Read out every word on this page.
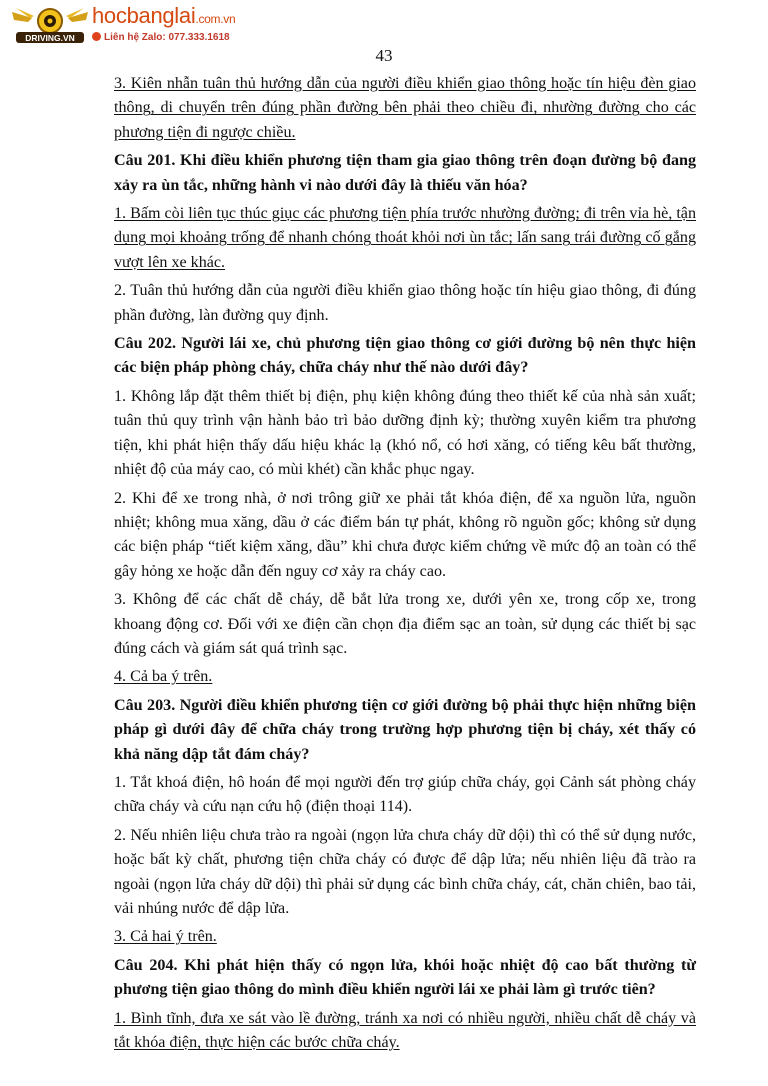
DRIVING.VN
hocbanglai.com.vn
Liên hệ Zalo: 077.333.1618
43

3. Kiên nhẫn tuân thủ hướng dẫn của người điều khiển giao thông hoặc tín hiệu đèn giao thông, di chuyển trên đúng phần đường bên phải theo chiều đi, nhường đường cho các phương tiện đi ngược chiều.

Câu 201. Khi điều khiển phương tiện tham gia giao thông trên đoạn đường bộ đang xảy ra ùn tắc, những hành vi nào dưới đây là thiếu văn hóa?

1. Bấm còi liên tục thúc giục các phương tiện phía trước nhường đường; đi trên vỉa hè, tận dụng mọi khoảng trống để nhanh chóng thoát khỏi nơi ùn tắc; lấn sang trái đường cố gắng vượt lên xe khác.

2. Tuân thủ hướng dẫn của người điều khiển giao thông hoặc tín hiệu giao thông, đi đúng phần đường, làn đường quy định.

Câu 202. Người lái xe, chủ phương tiện giao thông cơ giới đường bộ nên thực hiện các biện pháp phòng cháy, chữa cháy như thế nào dưới đây?

1. Không lắp đặt thêm thiết bị điện, phụ kiện không đúng theo thiết kế của nhà sản xuất; tuân thủ quy trình vận hành bảo trì bảo dưỡng định kỳ; thường xuyên kiểm tra phương tiện, khi phát hiện thấy dấu hiệu khác lạ (khó nổ, có hơi xăng, có tiếng kêu bất thường, nhiệt độ của máy cao, có mùi khét) cần khắc phục ngay.

2. Khi để xe trong nhà, ở nơi trông giữ xe phải tắt khóa điện, để xa nguồn lửa, nguồn nhiệt; không mua xăng, dầu ở các điểm bán tự phát, không rõ nguồn gốc; không sử dụng các biện pháp “tiết kiệm xăng, dầu” khi chưa được kiểm chứng về mức độ an toàn có thể gây hỏng xe hoặc dẫn đến nguy cơ xảy ra cháy cao.

3. Không để các chất dễ cháy, dễ bắt lửa trong xe, dưới yên xe, trong cốp xe, trong khoang động cơ. Đối với xe điện cần chọn địa điểm sạc an toàn, sử dụng các thiết bị sạc đúng cách và giám sát quá trình sạc.

4. Cả ba ý trên.

Câu 203. Người điều khiển phương tiện cơ giới đường bộ phải thực hiện những biện pháp gì dưới đây để chữa cháy trong trường hợp phương tiện bị cháy, xét thấy có khả năng dập tắt đám cháy?

1. Tắt khoá điện, hô hoán để mọi người đến trợ giúp chữa cháy, gọi Cảnh sát phòng cháy chữa cháy và cứu nạn cứu hộ (điện thoại 114).

2. Nếu nhiên liệu chưa trào ra ngoài (ngọn lửa chưa cháy dữ dội) thì có thể sử dụng nước, hoặc bất kỳ chất, phương tiện chữa cháy có được để dập lửa; nếu nhiên liệu đã trào ra ngoài (ngọn lửa cháy dữ dội) thì phải sử dụng các bình chữa cháy, cát, chăn chiên, bao tải, vải nhúng nước để dập lửa.

3. Cả hai ý trên.

Câu 204. Khi phát hiện thấy có ngọn lửa, khói hoặc nhiệt độ cao bất thường từ phương tiện giao thông do mình điều khiển người lái xe phải làm gì trước tiên?

1. Bình tĩnh, đưa xe sát vào lề đường, tránh xa nơi có nhiều người, nhiều chất dễ cháy và tắt khóa điện, thực hiện các bước chữa cháy.
